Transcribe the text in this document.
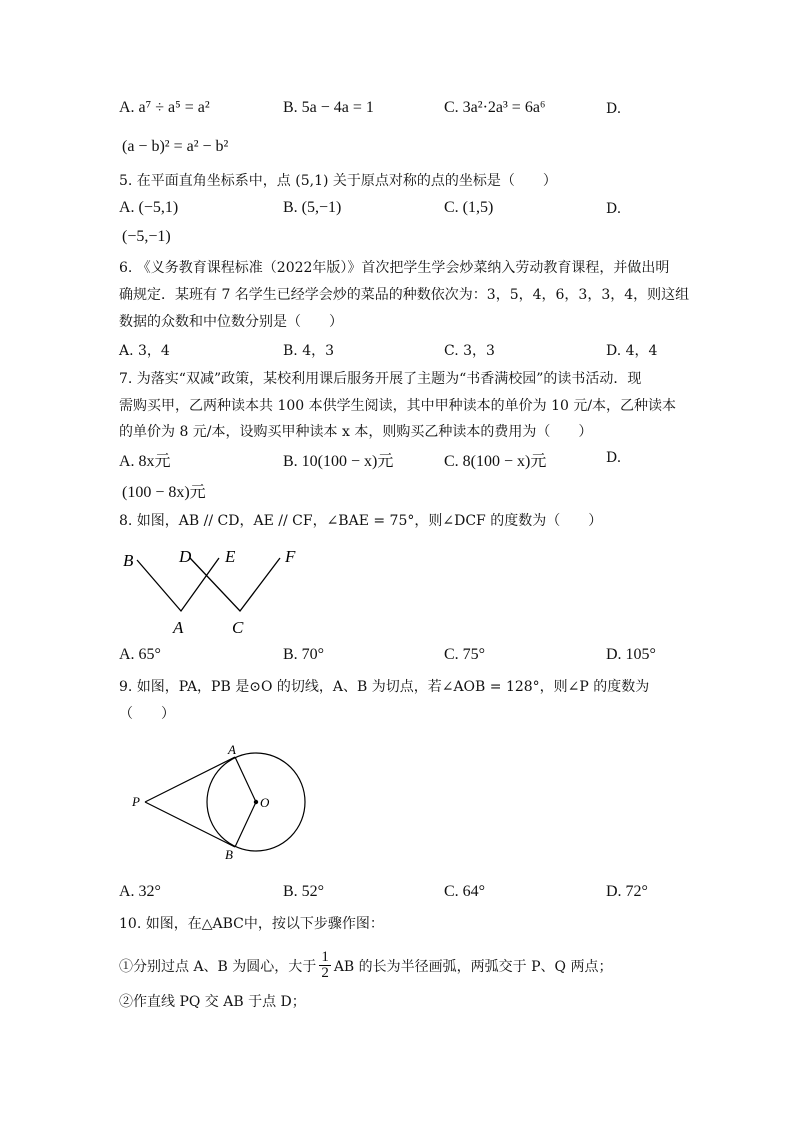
A. a⁷ ÷ a⁵ = a²	B. 5a − 4a = 1	C. 3a²·2a³ = 6a⁶	D.
(a − b)² = a² − b²
5. 在平面直角坐标系中，点 (5,1) 关于原点对称的点的坐标是（　　）
A. (−5,1)	B. (5,−1)	C. (1,5)	D.
(−5,−1)
6. 《义务教育课程标准（2022年版）》首次把学生学会炒菜纳入劳动教育课程，并做出明
确规定．某班有 7 名学生已经学会炒的菜品的种数依次为：3，5，4，6，3，3，4，则这组
数据的众数和中位数分别是（　　）
A. 3，4	B. 4，3	C. 3，3	D. 4，4
7. 为落实“双减”政策，某校利用课后服务开展了主题为“书香满校园”的读书活动．现
需购买甲，乙两种读本共 100 本供学生阅读，其中甲种读本的单价为 10 元/本，乙种读本
的单价为 8 元/本，设购买甲种读本 x 本，则购买乙种读本的费用为（　　）
A. 8x元	B. 10(100 − x)元	C. 8(100 − x)元	D.
(100 − 8x)元
8. 如图，AB // CD，AE // CF，∠BAE = 75°，则∠DCF 的度数为（　　）
B	D E	F
A	C
A. 65°	B. 70°	C. 75°	D. 105°
9. 如图，PA，PB 是⊙O 的切线，A、B 为切点，若∠AOB = 128°，则∠P 的度数为
（　　）
A
P	O
B
A. 32°	B. 52°	C. 64°	D. 72°
10. 如图，在△ABC中，按以下步骤作图：
①分别过点 A、B 为圆心，大于 $\frac{1}{2}$ AB 的长为半径画弧，两弧交于 P、Q 两点；
②作直线 PQ 交 AB 于点 D；
